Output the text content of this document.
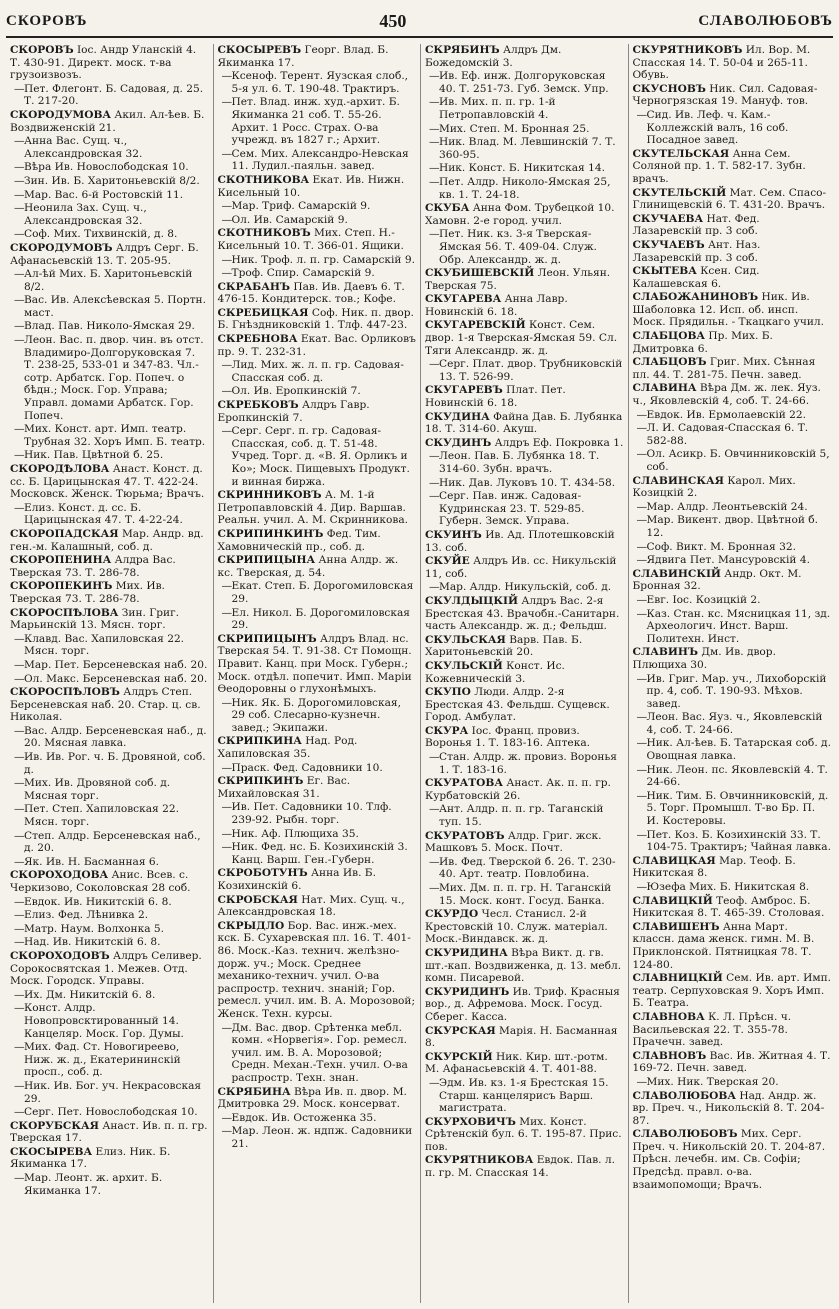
СКОРОВЪ	450	СЛАВОЛЮБОВЪ
СКОРОВЪ Іос. Андр Уланскій 4. Т. 430-91. Директ. моск. т-ва грузоизвозъ.
—Пет. Флегонт. Б. Садовая, д. 25. Т. 217-20.
СКОРОДУМОВА Акил. Ал-ѣев. Б. Воздвиженскій 21.
—Анна Вас. Сущ. ч., Александровская 32.
—Вѣра Ив. Новослободская 10.
—Зин. Ив. Б. Харитоньевскій 8/2.
—Мар. Вас. 6-й Ростовскій 11.
—Неонила Зах. Сущ. ч., Александровская 32.
—Соф. Мих. Тихвинскій, д. 8.
СКОРОДУМОВЪ Алдръ Серг. Б. Афанасьевскій 13. Т. 205-95.
—Ал-ѣй Мих. Б. Харитоньевскій 8/2.
—Вас. Ив. Алексѣевская 5. Портн. маст.
—Влад. Пав. Николо-Ямская 29.
—Леон. Вас. п. двор. чин. въ отст. Владимиро-Долгоруковская 7. Т. 238-25, 533-01 и 347-83. Чл.-сотр. Арбатск. Гор. Попеч. о бѣдн.; Моск. Гор. Управа; Управл. домами Арбатск. Гор. Попеч.
—Мих. Конст. арт. Имп. театр. Трубная 32. Хоръ Имп. Б. театр.
—Ник. Пав. Цвѣтной б. 25.
СКОРОДѢЛОВА Анаст. Конст. д. сс. Б. Царицынская 47. Т. 422-24. Московск. Женск. Тюрьма; Врачъ.
—Елиз. Конст. д. сс. Б. Царицынская 47. Т. 4-22-24.
СКОРОПАДСКАЯ Мар. Андр. вд. ген.-м. Калашный, соб. д.
СКОРОПЕНИНА Алдра Вас. Тверская 73. Т. 286-78.
СКОРОПЕКИНЪ Мих. Ив. Тверская 73. Т. 286-78.
СКОРОСПѢЛОВА Зин. Григ. Марьинскій 13. Мясн. торг.
—Клавд. Вас. Хапиловская 22. Мясн. торг.
—Мар. Пет. Берсеневская наб. 20.
—Ол. Макс. Берсеневская наб. 20.
СКОРОСПѢЛОВЪ Алдръ Степ. Берсеневская наб. 20. Стар. ц. св. Николая.
—Вас. Алдр. Берсеневская наб., д. 20. Мясная лавка.
—Ив. Ив. Рог. ч. Б. Дровяной, соб. д.
—Мих. Ив. Дровяной соб. д. Мясная торг.
—Пет. Степ. Хапиловская 22. Мясн. торг.
—Степ. Алдр. Берсеневская наб., д. 20.
—Як. Ив. Н. Басманная 6.
СКОРОХОДОВА Анис. Всев. с. Черкизово, Соколовская 28 соб.
—Евдок. Ив. Никитскій 6. 8.
—Елиз. Фед. Лѣнивка 2.
—Матр. Наум. Волхонка 5.
—Над. Ив. Никитскій 6. 8.
СКОРОХОДОВЪ Алдръ Селивер. Сорокосвятская 1. Межев. Отд. Моск. Городск. Управы.
—Их. Дм. Никитскій 6. 8.
—Конст. Алдр. Новопровсктированный 14. Канцеляр. Моск. Гор. Думы.
—Мих. Фад. Ст. Новогиреево, Ниж. ж. д., Екатерининскій просп., соб. д.
—Ник. Ив. Бог. уч. Некрасовская 29.
—Серг. Пет. Новослободская 10.
СКОРУБСКАЯ Анаст. Ив. п. п. гр. Тверская 17.
СКОСЫРЕВА Елиз. Ник. Б. Якиманка 17.
—Мар. Леонт. ж. архит. Б. Якиманка 17.
СКОСЫРЕВЪ Георг. Влад. Б. Якиманка 17.
—Ксеноф. Терент. Яузская слоб., 5-я ул. 6. Т. 190-48. Трактиръ.
—Пет. Влад. инж. худ.-архит. Б. Якиманка 21 соб. Т. 55-26. Архит. 1 Росс. Страх. О-ва учрежд. въ 1827 г.; Архит.
—Сем. Мих. Александро-Невская 11. Лудил.-паяльн. завед.
СКОТНИКОВА Екат. Ив. Нижн. Кисельный 10.
—Мар. Триф. Самарскій 9.
—Ол. Ив. Самарскій 9.
СКОТНИКОВЪ Мих. Степ. Н.-Кисельный 10. Т. 366-01. Ящики.
—Ник. Троф. л. п. гр. Самарскій 9.
—Троф. Спир. Самарскій 9.
СКРАБАНЪ Пав. Ив. Даевъ 6. Т. 476-15. Кондитерск. тов.; Кофе.
СКРЕБИЦКАЯ Соф. Ник. п. двор. Б. Гнѣздниковскій 1. Тлф. 447-23.
СКРЕБНОВА Екат. Вас. Орликовъ пр. 9. Т. 232-31.
—Лид. Мих. ж. л. п. гр. Садовая-Спасская соб. д.
—Ол. Ив. Еропкинскій 7.
СКРЕБКОВЪ Алдръ Гавр. Еропкинскій 7.
—Серг. Серг. п. гр. Садовая-Спасская, соб. д. Т. 51-48. Учред. Торг. д. «В. Я. Орликъ и Ко»; Моск. Пищевыхъ Продукт. и винная биржа.
СКРИННИКОВЪ А. М. 1-й Петропавловскій 4. Дир. Варшав. Реальн. учил. А. М. Скринникова.
СКРИПИНКИНЪ Фед. Тим. Хамовническій пр., соб. д.
СКРИПИЦЫНА Анна Алдр. ж. кс. Тверская, д. 54.
—Екат. Степ. Б. Дорогомиловская 29.
—Ел. Никол. Б. Дорогомиловская 29.
СКРИПИЦЫНЪ Алдръ Влад. нс. Тверская 54. Т. 91-38. Ст Помощн. Правит. Канц. при Моск. Губерн.; Моск. отдѣл. попечит. Имп. Маріи Ѳеодоровны о глухонѣмыхъ.
—Ник. Як. Б. Дорогомиловская, 29 соб. Слесарно-кузнечн. завед.; Экипажи.
СКРИПКИНА Над. Род. Хапиловская 35.
—Праск. Фед. Садовники 10.
СКРИПКИНЪ Ег. Вас. Михайловская 31.
—Ив. Пет. Садовники 10. Тлф. 239-92. Рыбн. торг.
—Ник. Аф. Плющиха 35.
—Ник. Фед. нс. Б. Козихинскій 3. Канц. Варш. Ген.-Губерн.
СКРОБОТУНЪ Анна Ив. Б. Козихинскій 6.
СКРОБСКАЯ Нат. Мих. Сущ. ч., Александровская 18.
СКРЫДЛО Бор. Вас. инж.-мех. кск. Б. Сухаревская пл. 16. Т. 401-86. Моск.-Каз. технич. желѣзно-дорж. уч.; Моск. Среднее механико-технич. учил. О-ва распростр. технич. знаній; Гор. ремесл. учил. им. В. А. Морозовой; Женск. Техн. курсы.
—Дм. Вас. двор. Срѣтенка мебл. комн. «Норвегія». Гор. ремесл. учил. им. В. А. Морозовой; Средн. Механ.-Техн. учил. О-ва распростр. Техн. знан.
СКРЯБИНА Вѣра Ив. п. двор. М. Дмитровка 29. Моск. консерват.
—Евдок. Ив. Остоженка 35.
—Мар. Леон. ж. ндпж. Садовники 21.
СКРЯБИНЪ Алдръ Дм. Божедомскій 3.
—Ив. Еф. инж. Долгоруковская 40. Т. 251-73. Губ. Земск. Упр.
—Ив. Мих. п. п. гр. 1-й Петропавловскій 4.
—Мих. Степ. М. Бронная 25.
—Ник. Влад. М. Левшинскій 7. Т. 360-95.
—Ник. Конст. Б. Никитская 14.
—Пет. Алдр. Николо-Ямская 25, кв. 1. Т. 24-18.
СКУБА Анна Фом. Трубецкой 10. Хамовн. 2-е город. учил.
—Пет. Ник. кз. 3-я Тверская-Ямская 56. Т. 409-04. Служ. Обр. Александр. ж. д.
СКУБИШЕВСКІЙ Леон. Ульян. Тверская 75.
СКУГАРЕВА Анна Лавр. Новинскій 6. 18.
СКУГАРЕВСКІЙ Конст. Сем. двор. 1-я Тверская-Ямская 59. Сл. Тяги Александр. ж. д.
—Серг. Плат. двор. Трубниковскій 13. Т. 526-99.
СКУГАРЕВЪ Плат. Пет. Новинскій 6. 18.
СКУДИНА Файна Дав. Б. Лубянка 18. Т. 314-60. Акуш.
СКУДИНЪ Алдръ Еф. Покровка 1.
—Леон. Пав. Б. Лубянка 18. Т. 314-60. Зубн. врачъ.
—Ник. Дав. Луковъ 10. Т. 434-58.
—Серг. Пав. инж. Садовая-Кудринская 23. Т. 529-85. Губерн. Земск. Управа.
СКУИНЪ Ив. Ад. Плотешковскій 13. соб.
СКУЙЕ Алдръ Ив. сс. Никульскій 11, соб.
—Мар. Алдр. Никульскій, соб. д.
СКУЛДЫЦКІЙ Алдръ Вас. 2-я Брестская 43. Врачобн.-Санитарн. часть Александр. ж. д.; Фельдш.
СКУЛЬСКАЯ Варв. Пав. Б. Харитоньевскій 20.
СКУЛЬСКІЙ Конст. Ис. Кожевническій 3.
СКУПО Люди. Алдр. 2-я Брестская 43. Фельдш. Сущевск. Город. Амбулат.
СКУРА Іос. Франц. провиз. Воронья 1. Т. 183-16. Аптека.
—Стан. Алдр. ж. провиз. Воронья 1. Т. 183-16.
СКУРАТОВА Анаст. Ак. п. п. гр. Курбатовскій 26.
—Ант. Алдр. п. п. гр. Таганскій туп. 15.
СКУРАТОВЪ Алдр. Григ. жск. Машковъ 5. Моск. Почт.
—Ив. Фед. Тверской б. 26. Т. 230-40. Арт. театр. Повлобина.
—Мих. Дм. п. п. гр. Н. Таганскій 15. Моск. конт. Госуд. Банка.
СКУРДО Чесл. Станисл. 2-й Крестовскій 10. Служ. матеріал. Моск.-Виндавск. ж. д.
СКУРИДИНА Вѣра Викт. д. гв. шт.-кап. Воздвиженка, д. 13. мебл. комн. Писаревой.
СКУРИДИНЪ Ив. Триф. Красныя вор., д. Афремова. Моск. Госуд. Сберег. Касса.
СКУРСКАЯ Марія. Н. Басманная 8.
СКУРСКІЙ Ник. Кир. шт.-ротм. М. Афанасьевскій 4. Т. 401-88.
—Эдм. Ив. кз. 1-я Брестская 15. Старш. канцелярисъ Варш. магистрата.
СКУРХОВИЧЪ Мих. Конст. Срѣтенскій бул. 6. Т. 195-87. Прис. пов.
СКУРЯТНИКОВА Евдок. Пав. л. п. гр. М. Спасская 14.
СКУРЯТНИКОВЪ Ил. Вор. М. Спасская 14. Т. 50-04 и 265-11. Обувь.
СКУСНОВЪ Ник. Сил. Садовая-Черногрязская 19. Мануф. тов.
—Сид. Ив. Леф. ч. Кам.-Коллежскій валъ, 16 соб. Посадное завед.
СКУТЕЛЬСКАЯ Анна Сем. Соляной пр. 1. Т. 582-17. Зубн. врачъ.
СКУТЕЛЬСКІЙ Мат. Сем. Спасо-Глинищевскій 6. Т. 431-20. Врачъ.
СКУЧАЕВА Нат. Фед. Лазаревскій пр. 3 соб.
СКУЧАЕВЪ Ант. Наз. Лазаревскій пр. 3 соб.
СКЫТЕВА Ксен. Сид. Калашевская 6.
СЛАБОЖАНИНОВЪ Ник. Ив. Шаболовка 12. Исп. об. инсп. Моск. Прядильн. - Ткацкаго учил.
СЛАБЦОВА Пр. Мих. Б. Дмитровка 6.
СЛАБЦОВЪ Григ. Мих. Сѣнная пл. 44. Т. 281-75. Печн. завед.
СЛАВИНА Вѣра Дм. ж. лек. Яуз. ч., Яковлевскій 4, соб. Т. 24-66.
—Евдок. Ив. Ермолаевскій 22.
—Л. И. Садовая-Спасская 6. Т. 582-88.
—Ол. Асикр. Б. Овчинниковскій 5, соб.
СЛАВИНСКАЯ Карол. Мих. Козицкій 2.
—Мар. Алдр. Леонтьевскій 24.
—Мар. Викент. двор. Цвѣтной б. 12.
—Соф. Викт. М. Бронная 32.
—Ядвига Пет. Мансуровскій 4.
СЛАВИНСКІЙ Андр. Окт. М. Бронная 32.
—Евг. Іос. Козицкій 2.
—Каз. Стан. кс. Мясницкая 11, зд. Археологич. Инст. Варш. Политехн. Инст.
СЛАВИНЪ Дм. Ив. двор. Плющиха 30.
—Ив. Григ. Мар. уч., Лихоборскій пр. 4, соб. Т. 190-93. Мѣхов. завед.
—Леон. Вас. Яуз. ч., Яковлевскій 4, соб. Т. 24-66.
—Ник. Ал-ѣев. Б. Татарская соб. д. Овощная лавка.
—Ник. Леон. пс. Яковлевскій 4. Т. 24-66.
—Ник. Тим. Б. Овчинниковскій, д. 5. Торг. Промышл. Т-во Бр. П. И. Костеровы.
—Пет. Коз. Б. Козихинскій 33. Т. 104-75. Трактиръ; Чайная лавка.
СЛАВИЦКАЯ Мар. Теоф. Б. Никитская 8.
—Юзефа Мих. Б. Никитская 8.
СЛАВИЦКІЙ Теоф. Амброс. Б. Никитская 8. Т. 465-39. Столовая.
СЛАВИШЕНЪ Анна Март. классн. дама женск. гимн. М. В. Приклонской. Пятницкая 78. Т. 124-80.
СЛАВНИЦКІЙ Сем. Ив. арт. Имп. театр. Серпуховская 9. Хоръ Имп. Б. Театра.
СЛАВНОВА К. Л. Прѣсн. ч. Васильевская 22. Т. 355-78. Прачечн. завед.
СЛАВНОВЪ Вас. Ив. Житная 4. Т. 169-72. Печн. завед.
—Мих. Ник. Тверская 20.
СЛАВОЛЮБОВА Над. Андр. ж. вр. Преч. ч., Никольскій 8. Т. 204-87.
СЛАВОЛЮБОВЪ Мих. Серг. Преч. ч. Никольскій 20. Т. 204-87. Прѣсн. лечебн. им. Св. Софіи; Предсѣд. правл. о-ва. взаимопомощи; Врачъ.
